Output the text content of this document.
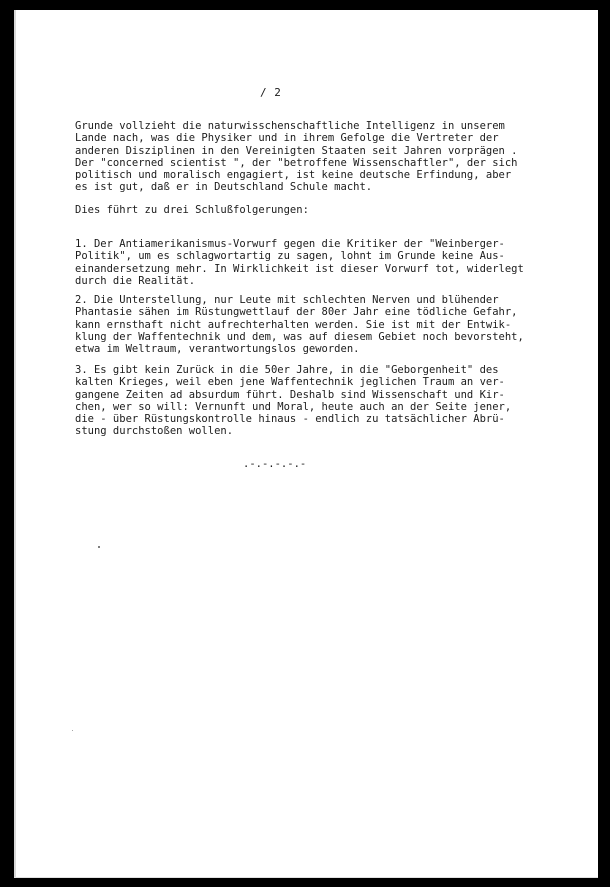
/ 2

Grunde vollzieht die naturwisschenschaftliche Intelligenz in unserem
Lande nach, was die Physiker und in ihrem Gefolge die Vertreter der
anderen Disziplinen in den Vereinigten Staaten seit Jahren vorprägen .
Der "concerned scientist ", der "betroffene Wissenschaftler", der sich
politisch und moralisch engagiert, ist keine deutsche Erfindung, aber
es ist gut, daß er in Deutschland Schule macht.

Dies führt zu drei Schlußfolgerungen:

1. Der Antiamerikanismus-Vorwurf gegen die Kritiker der "Weinberger-
Politik", um es schlagwortartig zu sagen, lohnt im Grunde keine Aus-
einandersetzung mehr. In Wirklichkeit ist dieser Vorwurf tot, widerlegt
durch die Realität.

2. Die Unterstellung, nur Leute mit schlechten Nerven und blühender
Phantasie sähen im Rüstungwettlauf der 80er Jahr eine tödliche Gefahr,
kann ernsthaft nicht aufrechterhalten werden. Sie ist mit der Entwik-
klung der Waffentechnik und dem, was auf diesem Gebiet noch bevorsteht,
etwa im Weltraum, verantwortungslos geworden.

3. Es gibt kein Zurück in die 50er Jahre, in die "Geborgenheit" des
kalten Krieges, weil eben jene Waffentechnik jeglichen Traum an ver-
gangene Zeiten ad absurdum führt. Deshalb sind Wissenschaft und Kir-
chen, wer so will: Vernunft und Moral, heute auch an der Seite jener,
die - über Rüstungskontrolle hinaus - endlich zu tatsächlicher Abrü-
stung durchstoßen wollen.

.-.-.-.-.-
